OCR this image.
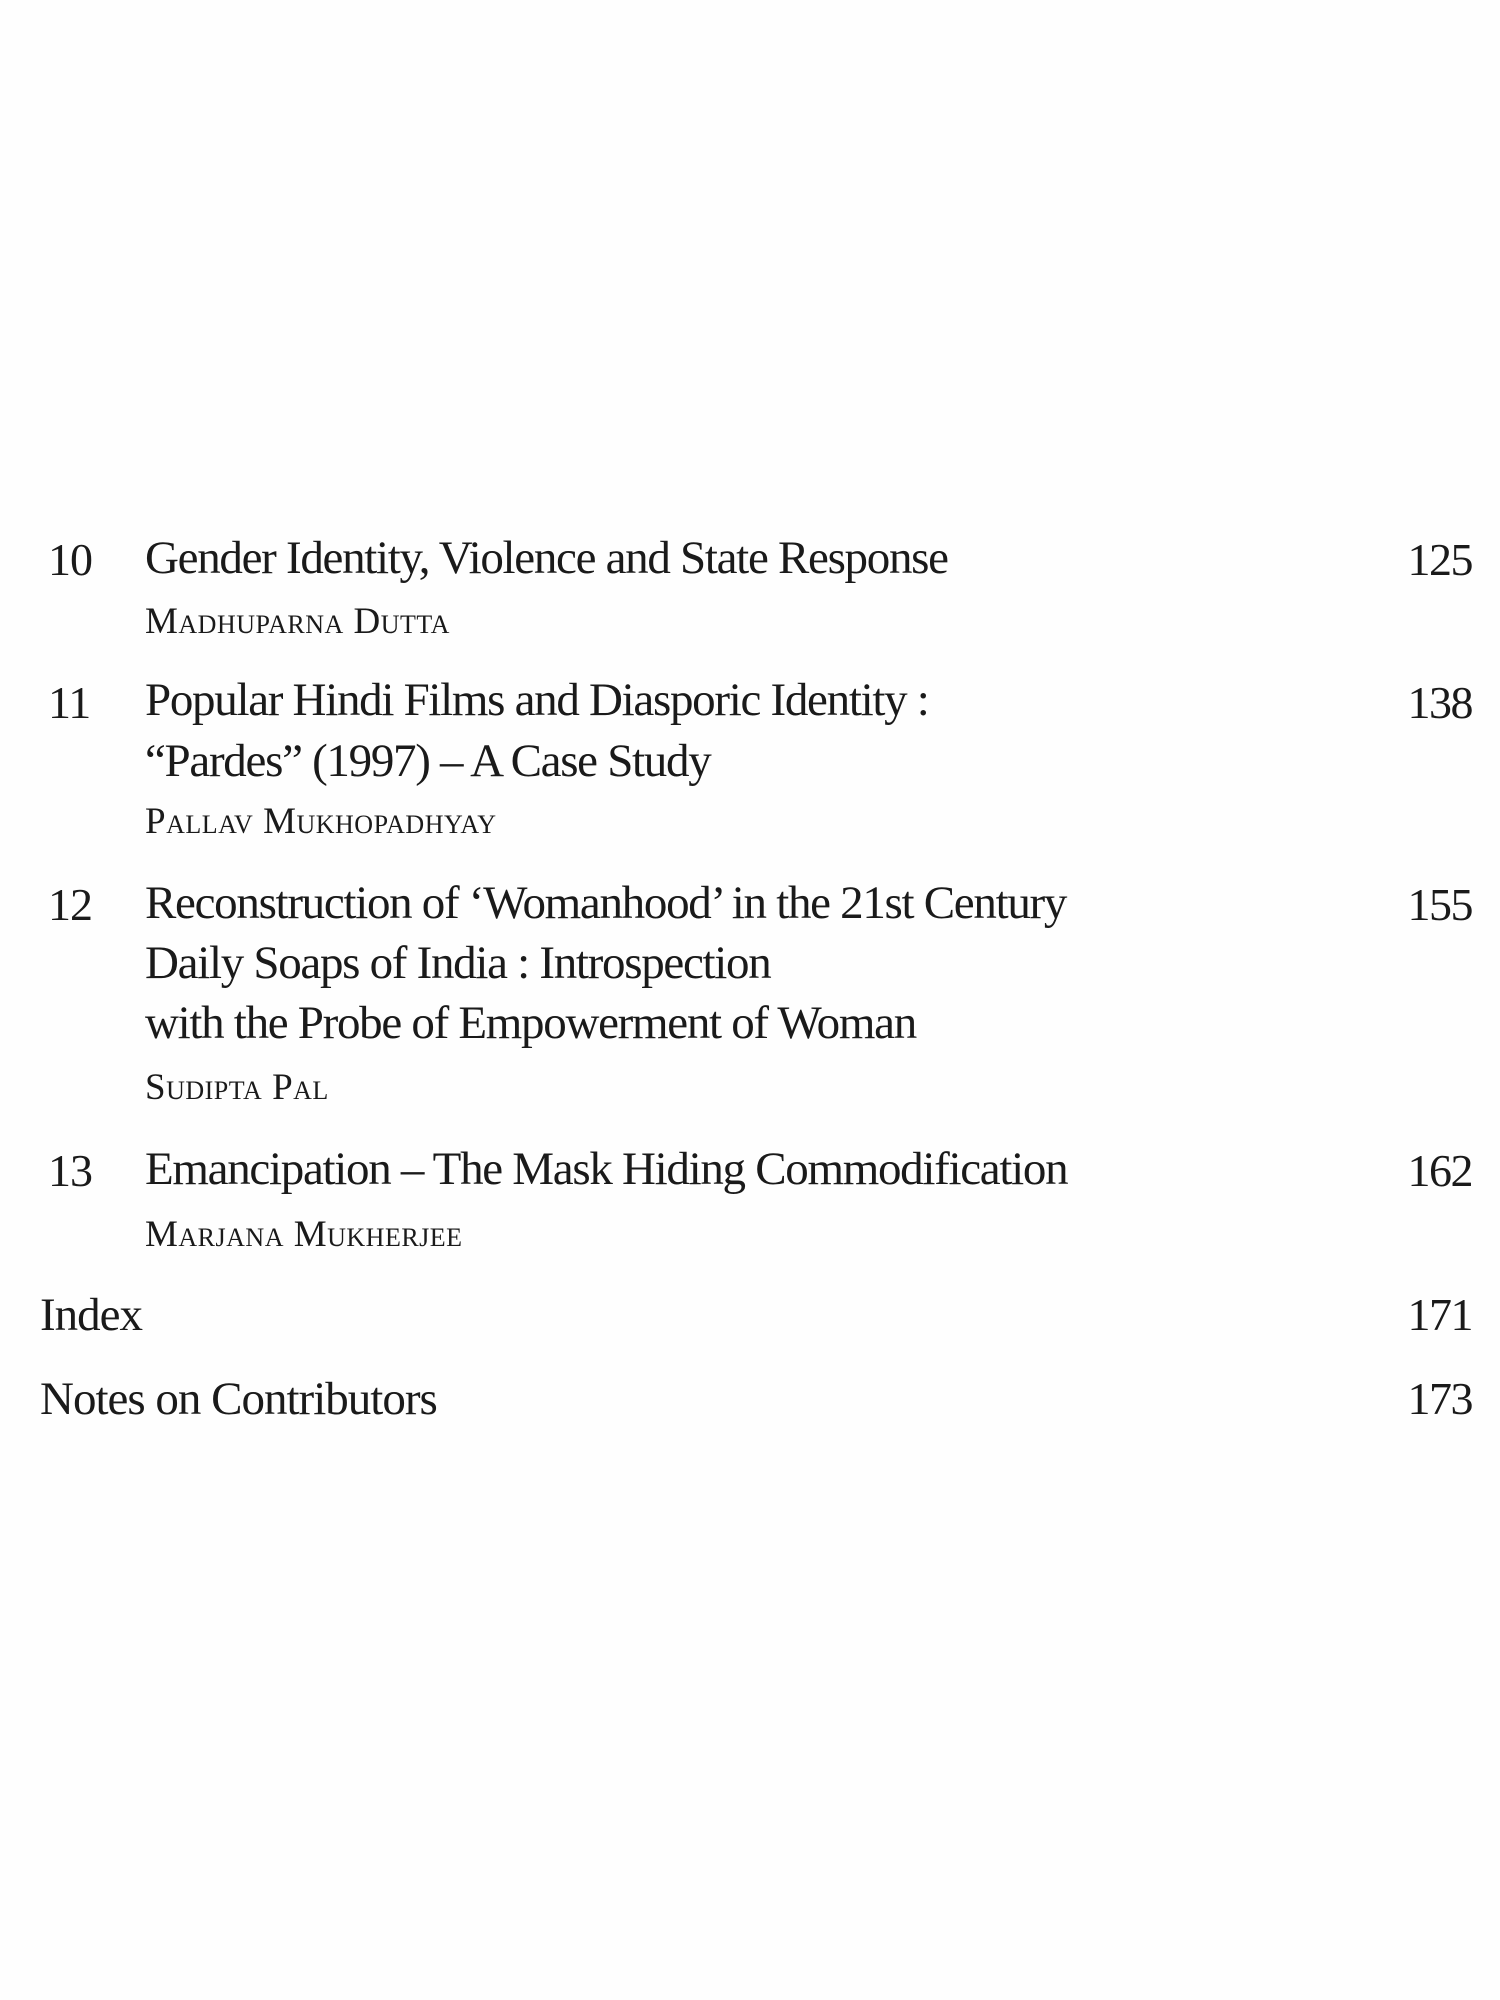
10 Gender Identity, Violence and State Response	125
Madhuparna Dutta
11 Popular Hindi Films and Diasporic Identity :	138
“Pardes” (1997) – A Case Study
Pallav Mukhopadhyay
12 Reconstruction of ‘Womanhood’ in the 21st Century	155
Daily Soaps of India : Introspection
with the Probe of Empowerment of Woman
Sudipta Pal
13 Emancipation – The Mask Hiding Commodification	162
Marjana Mukherjee
Index	171
Notes on Contributors	173
